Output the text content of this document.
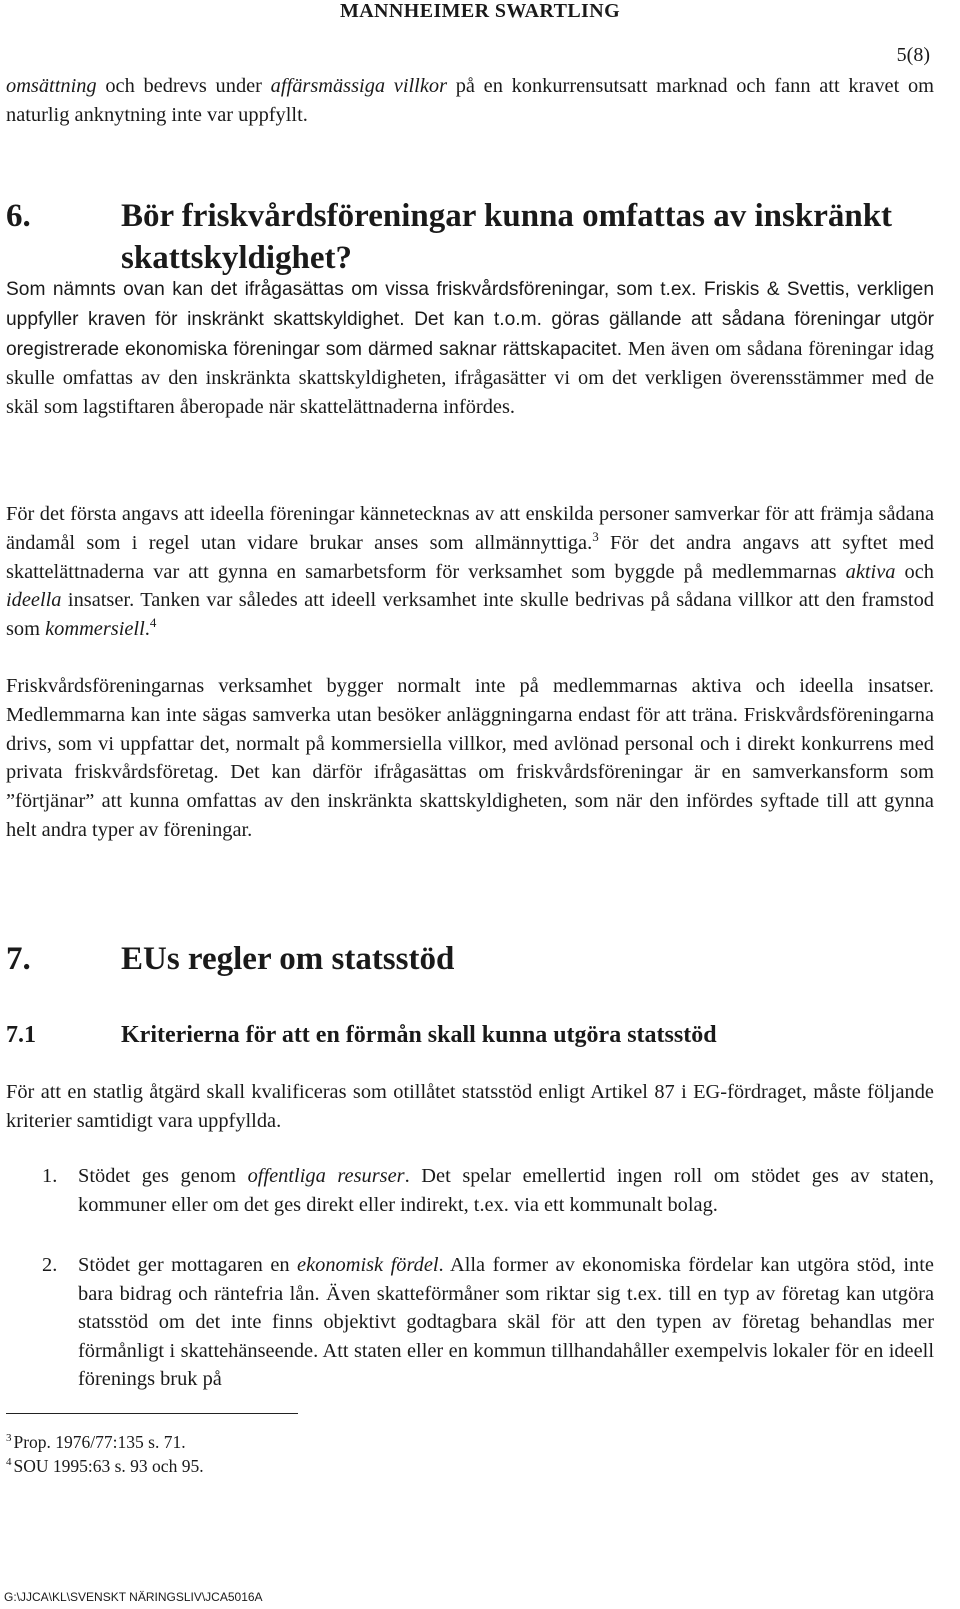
MANNHEIMER SWARTLING
5(8)

omsättning och bedrevs under affärsmässiga villkor på en konkurrensutsatt marknad och fann att kravet om naturlig anknytning inte var uppfyllt.

6.	Bör friskvårdsföreningar kunna omfattas av inskränkt
skattskyldighet?

Som nämnts ovan kan det ifrågasättas om vissa friskvårdsföreningar, som t.ex. Friskis & Svettis, verkligen uppfyller kraven för inskränkt skattskyldighet. Det kan t.o.m. göras gällande att sådana föreningar utgör oregistrerade ekonomiska föreningar som därmed saknar rättskapacitet. Men även om sådana föreningar idag skulle omfattas av den inskränkta skattskyldigheten, ifrågasätter vi om det verkligen överensstämmer med de skäl som lagstiftaren åberopade när skattelättnaderna infördes.

För det första angavs att ideella föreningar kännetecknas av att enskilda personer samverkar för att främja sådana ändamål som i regel utan vidare brukar anses som allmännyttiga.$^3$ För det andra angavs att syftet med skattelättnaderna var att gynna en samarbetsform för verksamhet som byggde på medlemmarnas aktiva och ideella insatser. Tanken var således att ideell verksamhet inte skulle bedrivas på sådana villkor att den framstod som kommersiell.$^4$

Friskvårdsföreningarnas verksamhet bygger normalt inte på medlemmarnas aktiva och ideella insatser. Medlemmarna kan inte sägas samverka utan besöker anläggningarna endast för att träna. Friskvårdsföreningarna drivs, som vi uppfattar det, normalt på kommersiella villkor, med avlönad personal och i direkt konkurrens med privata friskvårdsföretag. Det kan därför ifrågasättas om friskvårdsföreningar är en samverkansform som ”förtjänar” att kunna omfattas av den inskränkta skattskyldigheten, som när den infördes syftade till att gynna helt andra typer av föreningar.

7.	EUs regler om statsstöd
7.1	Kriterierna för att en förmån skall kunna utgöra statsstöd

För att en statlig åtgärd skall kvalificeras som otillåtet statsstöd enligt Artikel 87 i EG-fördraget, måste följande kriterier samtidigt vara uppfyllda.

1. Stödet ges genom offentliga resurser. Det spelar emellertid ingen roll om stödet ges av staten, kommuner eller om det ges direkt eller indirekt, t.ex. via ett kommunalt bolag.
2. Stödet ger mottagaren en ekonomisk fördel. Alla former av ekonomiska fördelar kan utgöra stöd, inte bara bidrag och räntefria lån. Även skatteförmåner som riktar sig t.ex. till en typ av företag kan utgöra statsstöd om det inte finns objektivt godtagbara skäl för att den typen av företag behandlas mer förmånligt i skattehänseende. Att staten eller en kommun tillhandahåller exempelvis lokaler för en ideell förenings bruk på
$^3$ Prop. 1976/77:135 s. 71.
$^4$ SOU 1995:63 s. 93 och 95.
G:\JJCA\KL\SVENSKT NÄRINGSLIV\JCA5016A
